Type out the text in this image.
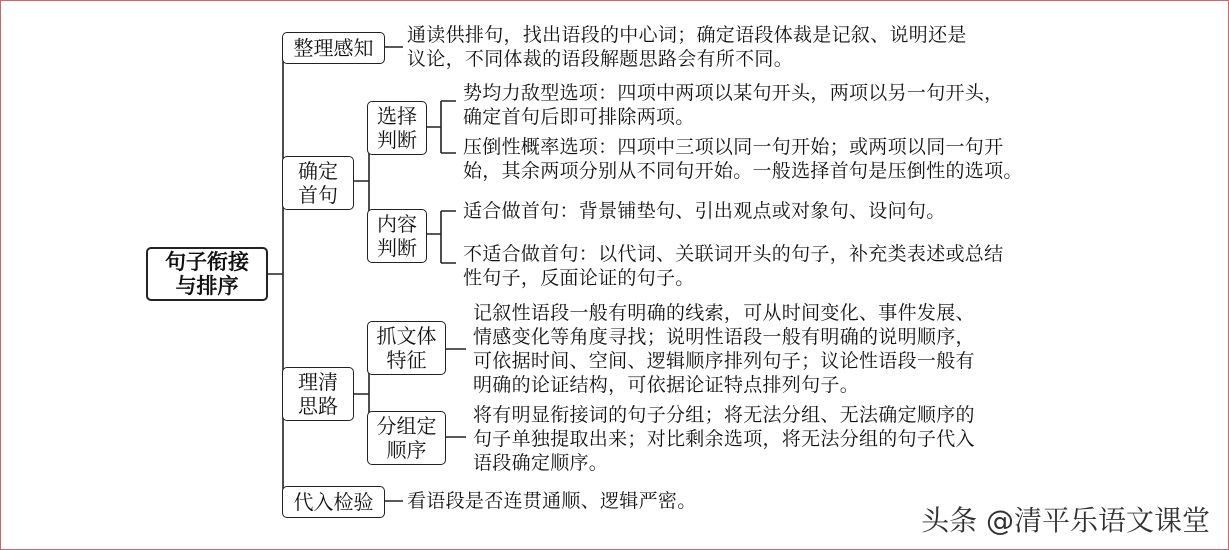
句子衔接
与排序
整理感知
通读供排句，找出语段的中心词；确定语段体裁是记叙、说明还是
议论，不同体裁的语段解题思路会有所不同。
确定
首句
选择
判断
势均力敌型选项：四项中两项以某句开头，两项以另一句开头，
确定首句后即可排除两项。
压倒性概率选项：四项中三项以同一句开始；或两项以同一句开
始，其余两项分别从不同句开始。一般选择首句是压倒性的选项。
内容
判断
适合做首句：背景铺垫句、引出观点或对象句、设问句。
不适合做首句：以代词、关联词开头的句子，补充类表述或总结
性句子，反面论证的句子。
理清
思路
抓文体
特征
记叙性语段一般有明确的线索，可从时间变化、事件发展、
情感变化等角度寻找；说明性语段一般有明确的说明顺序，
可依据时间、空间、逻辑顺序排列句子；议论性语段一般有
明确的论证结构，可依据论证特点排列句子。
分组定
顺序
将有明显衔接词的句子分组；将无法分组、无法确定顺序的
句子单独提取出来；对比剩余选项，将无法分组的句子代入
语段确定顺序。
代入检验	看语段是否连贯通顺、逻辑严密。
头条 @清平乐语文课堂
